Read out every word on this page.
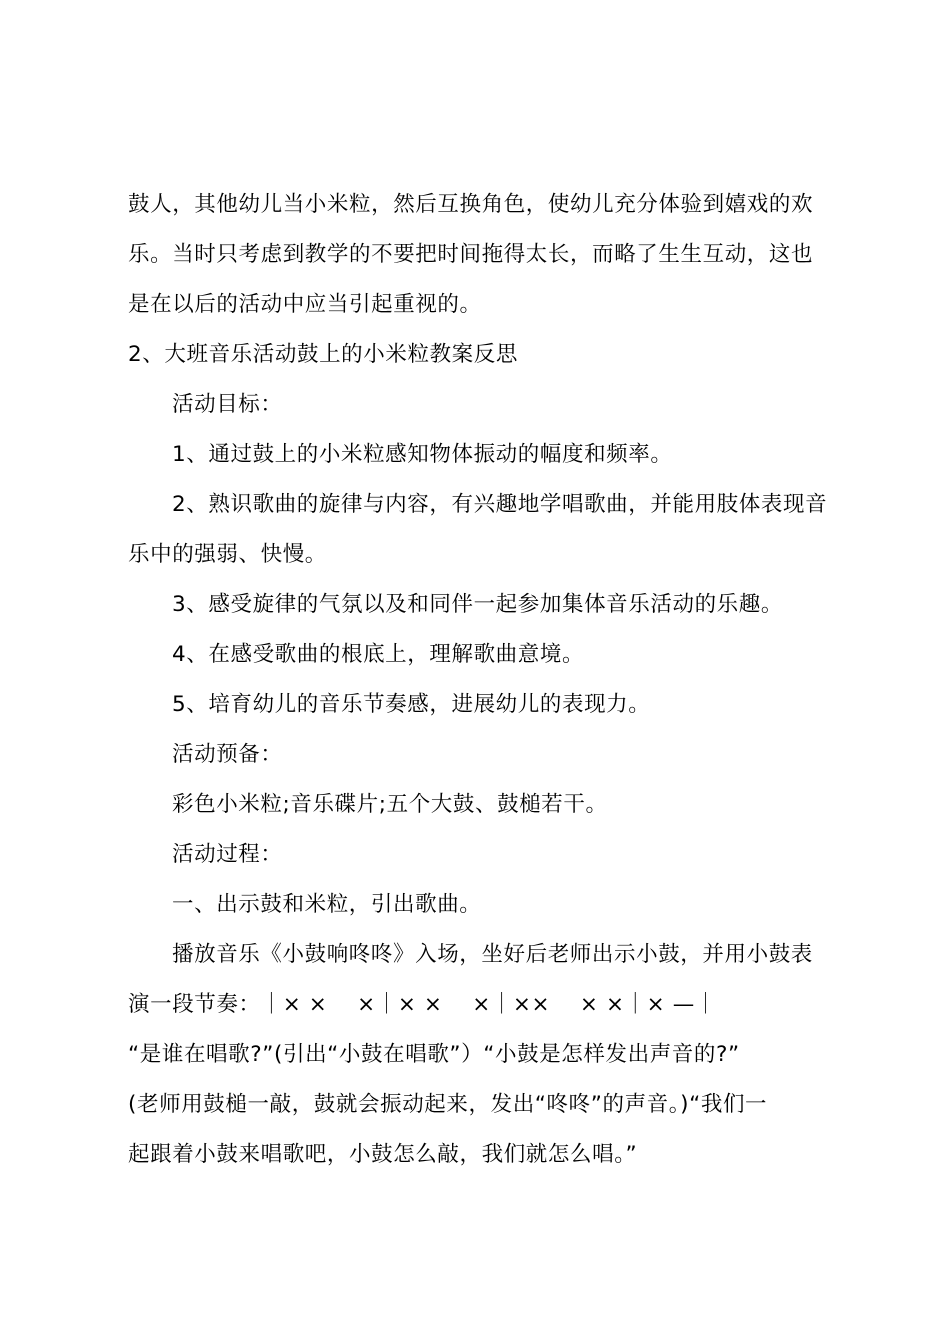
鼓人，其他幼儿当小米粒，然后互换角色，使幼儿充分体验到嬉戏的欢
乐。当时只考虑到教学的不要把时间拖得太长，而略了生生互动，这也
是在以后的活动中应当引起重视的。
2、大班音乐活动鼓上的小米粒教案反思
活动目标：
1、通过鼓上的小米粒感知物体振动的幅度和频率。
2、熟识歌曲的旋律与内容，有兴趣地学唱歌曲，并能用肢体表现音
乐中的强弱、快慢。
3、感受旋律的气氛以及和同伴一起参加集体音乐活动的乐趣。
4、在感受歌曲的根底上，理解歌曲意境。
5、培育幼儿的音乐节奏感，进展幼儿的表现力。
活动预备：
彩色小米粒;音乐碟片;五个大鼓、鼓槌若干。
活动过程：
一、出示鼓和米粒，引出歌曲。
播放音乐《小鼓响咚咚》入场，坐好后老师出示小鼓，并用小鼓表
演一段节奏：｜× ×    ×｜× ×    ×｜××    × ×｜× —｜
“是谁在唱歌?”(引出“小鼓在唱歌”）“小鼓是怎样发出声音的?”
(老师用鼓槌一敲，鼓就会振动起来，发出“咚咚”的声音。)“我们一
起跟着小鼓来唱歌吧，小鼓怎么敲，我们就怎么唱。”
